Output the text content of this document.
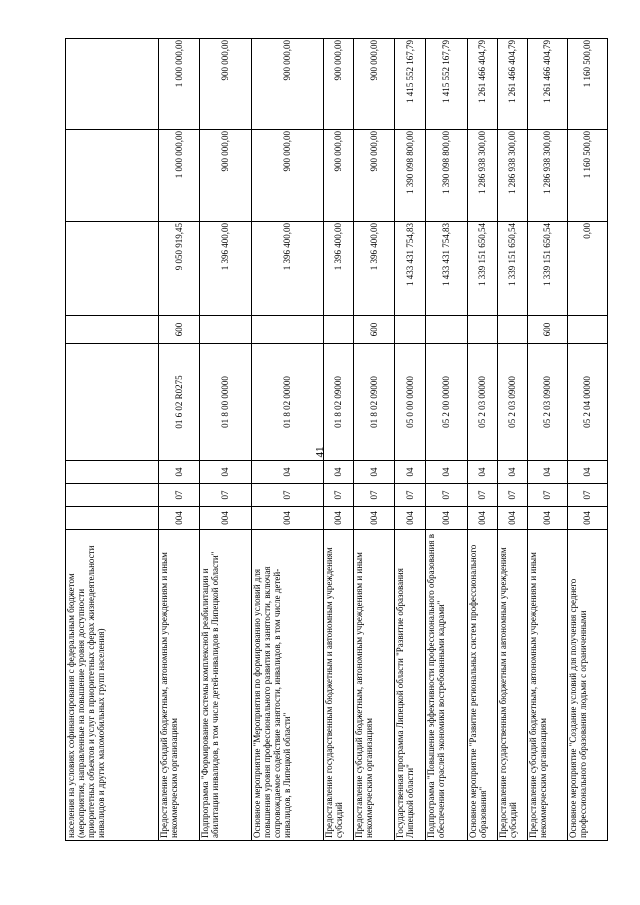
41
населения на условиях софинансирования с федеральным бюджетом (мероприятия, направленные на повышение уровня доступности приоритетных объектов и услуг в приоритетных сферах жизнедеятельности инвалидов и других маломобильных групп населения)								
Предоставление субсидий бюджетным, автономным учреждениям и иным некоммерческим организациям	004	07	04	01 6 02 R0275	600	9 050 919,45	1 000 000,00	1 000 000,00
Подпрограмма "Формирование системы комплексной реабилитации и абилитации инвалидов, в том числе детей-инвалидов в Липецкой области"	004	07	04	01 8 00 00000		1 396 400,00	900 000,00	900 000,00
Основное мероприятие "Мероприятия по формированию условий для повышения уровня профессионального развития и занятости, включая сопровождаемое содействие занятости, инвалидов, в том числе детей-инвалидов, в Липецкой области"	004	07	04	01 8 02 00000		1 396 400,00	900 000,00	900 000,00
Предоставление государственным бюджетным и автономным учреждениям субсидий	004	07	04	01 8 02 09000		1 396 400,00	900 000,00	900 000,00
Предоставление субсидий бюджетным, автономным учреждениям и иным некоммерческим организациям	004	07	04	01 8 02 09000	600	1 396 400,00	900 000,00	900 000,00
Государственная программа Липецкой области "Развитие образования Липецкой области"	004	07	04	05 0 00 00000		1 433 431 754,83	1 390 098 800,00	1 415 552 167,79
Подпрограмма "Повышение эффективности профессионального образования в обеспечении отраслей экономики востребованными кадрами"	004	07	04	05 2 00 00000		1 433 431 754,83	1 390 098 800,00	1 415 552 167,79
Основное мероприятие "Развитие региональных систем профессионального образования"	004	07	04	05 2 03 00000		1 339 151 650,54	1 286 938 300,00	1 261 466 404,79
Предоставление государственным бюджетным и автономным учреждениям субсидий	004	07	04	05 2 03 09000		1 339 151 650,54	1 286 938 300,00	1 261 466 404,79
Предоставление субсидий бюджетным, автономным учреждениям и иным некоммерческим организациям	004	07	04	05 2 03 09000	600	1 339 151 650,54	1 286 938 300,00	1 261 466 404,79
Основное мероприятие "Создание условий для получения среднего профессионального образования людьми с ограниченными	004	07	04	05 2 04 00000		0,00	1 160 500,00	1 160 500,00
